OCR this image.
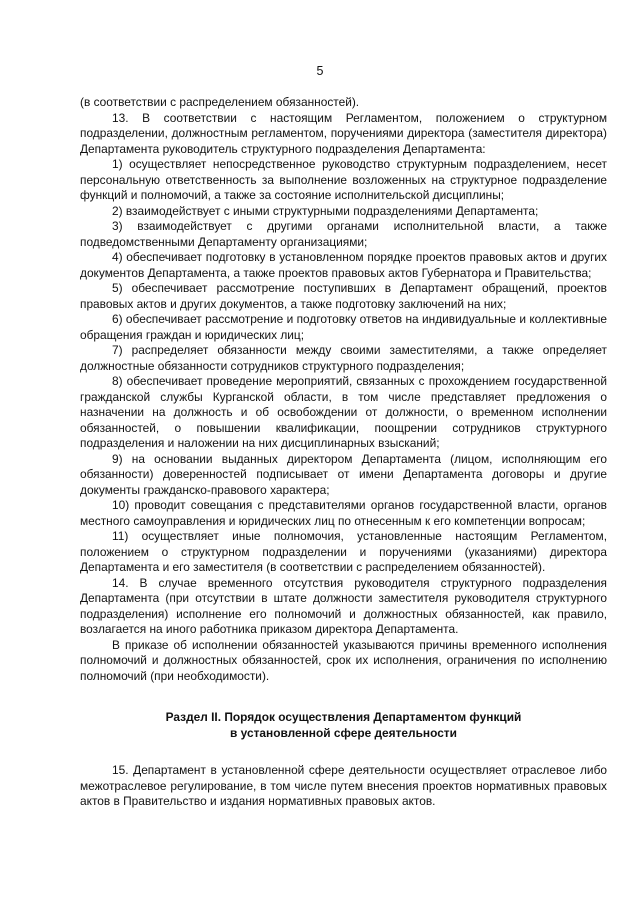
5

(в соответствии с распределением обязанностей).

13. В соответствии с настоящим Регламентом, положением о структурном подразделении, должностным регламентом, поручениями директора (заместителя директора) Департамента руководитель структурного подразделения Департамента:

1) осуществляет непосредственное руководство структурным подразделением, несет персональную ответственность за выполнение возложенных на структурное подразделение функций и полномочий, а также за состояние исполнительской дисциплины;

2) взаимодействует с иными структурными подразделениями Департамента;

3) взаимодействует с другими органами исполнительной власти, а также подведомственными Департаменту организациями;

4) обеспечивает подготовку в установленном порядке проектов правовых актов и других документов Департамента, а также проектов правовых актов Губернатора и Правительства;

5) обеспечивает рассмотрение поступивших в Департамент обращений, проектов правовых актов и других документов, а также подготовку заключений на них;

6) обеспечивает рассмотрение и подготовку ответов на индивидуальные и коллективные обращения граждан и юридических лиц;

7) распределяет обязанности между своими заместителями, а также определяет должностные обязанности сотрудников структурного подразделения;

8) обеспечивает проведение мероприятий, связанных с прохождением государственной гражданской службы Курганской области, в том числе представляет предложения о назначении на должность и об освобождении от должности, о временном исполнении обязанностей, о повышении квалификации, поощрении сотрудников структурного подразделения и наложении на них дисциплинарных взысканий;

9) на основании выданных директором Департамента (лицом, исполняющим его обязанности) доверенностей подписывает от имени Департамента договоры и другие документы гражданско-правового характера;

10) проводит совещания с представителями органов государственной власти, органов местного самоуправления и юридических лиц по отнесенным к его компетенции вопросам;

11) осуществляет иные полномочия, установленные настоящим Регламентом, положением о структурном подразделении и поручениями (указаниями) директора Департамента и его заместителя (в соответствии с распределением обязанностей).

14. В случае временного отсутствия руководителя структурного подразделения Департамента (при отсутствии в штате должности заместителя руководителя структурного подразделения) исполнение его полномочий и должностных обязанностей, как правило, возлагается на иного работника приказом директора Департамента.

В приказе об исполнении обязанностей указываются причины временного исполнения полномочий и должностных обязанностей, срок их исполнения, ограничения по исполнению полномочий (при необходимости).

Раздел II. Порядок осуществления Департаментом функций
в установленной сфере деятельности

15. Департамент в установленной сфере деятельности осуществляет отраслевое либо межотраслевое регулирование, в том числе путем внесения проектов нормативных правовых актов в Правительство и издания нормативных правовых актов.
